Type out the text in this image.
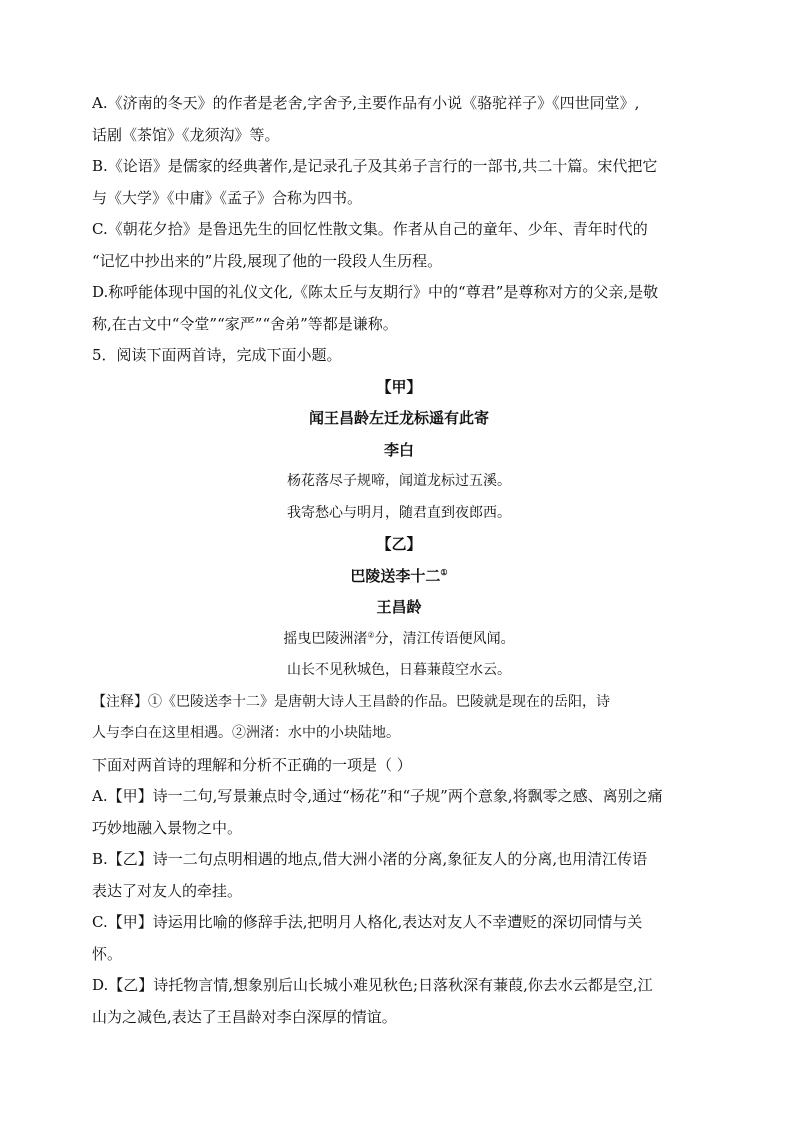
A.《济南的冬天》的作者是老舍,字舍予,主要作品有小说《骆驼祥子》《四世同堂》,
话剧《茶馆》《龙须沟》等。
B.《论语》是儒家的经典著作,是记录孔子及其弟子言行的一部书,共二十篇。宋代把它
与《大学》《中庸》《孟子》合称为四书。
C.《朝花夕拾》是鲁迅先生的回忆性散文集。作者从自己的童年、少年、青年时代的
“记忆中抄出来的”片段,展现了他的一段段人生历程。
D.称呼能体现中国的礼仪文化,《陈太丘与友期行》中的“尊君”是尊称对方的父亲,是敬
称,在古文中“令堂”“家严”“舍弟”等都是谦称。
5．阅读下面两首诗，完成下面小题。
【甲】
闻王昌龄左迁龙标遥有此寄
李白
杨花落尽子规啼，闻道龙标过五溪。
我寄愁心与明月，随君直到夜郎西。
【乙】
巴陵送李十二①
王昌龄
摇曳巴陵洲渚②分，清江传语便风闻。
山长不见秋城色，日暮蒹葭空水云。
【注释】①《巴陵送李十二》是唐朝大诗人王昌龄的作品。巴陵就是现在的岳阳，诗
人与李白在这里相遇。②洲渚：水中的小块陆地。
下面对两首诗的理解和分析不正确的一项是（ ）
A.【甲】诗一二句,写景兼点时令,通过“杨花”和“子规”两个意象,将飘零之感、离别之痛
巧妙地融入景物之中。
B.【乙】诗一二句点明相遇的地点,借大洲小渚的分离,象征友人的分离,也用清江传语
表达了对友人的牵挂。
C.【甲】诗运用比喻的修辞手法,把明月人格化,表达对友人不幸遭贬的深切同情与关
怀。
D.【乙】诗托物言情,想象别后山长城小难见秋色;日落秋深有蒹葭,你去水云都是空,江
山为之减色,表达了王昌龄对李白深厚的情谊。
